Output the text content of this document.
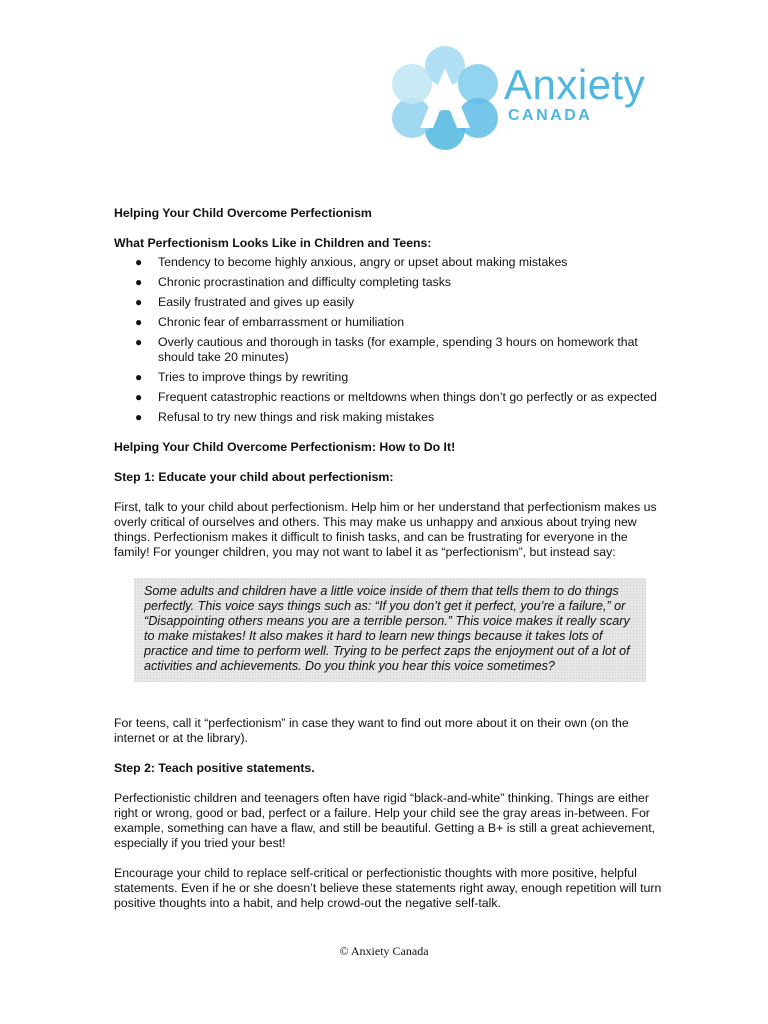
Anxiety
CANADA

Helping Your Child Overcome Perfectionism

What Perfectionism Looks Like in Children and Teens:

● Tendency to become highly anxious, angry or upset about making mistakes
● Chronic procrastination and difficulty completing tasks
● Easily frustrated and gives up easily
● Chronic fear of embarrassment or humiliation
● Overly cautious and thorough in tasks (for example, spending 3 hours on homework that should take 20 minutes)
● Tries to improve things by rewriting
● Frequent catastrophic reactions or meltdowns when things don’t go perfectly or as expected
● Refusal to try new things and risk making mistakes

Helping Your Child Overcome Perfectionism: How to Do It!

Step 1: Educate your child about perfectionism:

First, talk to your child about perfectionism. Help him or her understand that perfectionism makes us overly critical of ourselves and others. This may make us unhappy and anxious about trying new things. Perfectionism makes it difficult to finish tasks, and can be frustrating for everyone in the family! For younger children, you may not want to label it as “perfectionism”, but instead say:

Some adults and children have a little voice inside of them that tells them to do things perfectly. This voice says things such as: “If you don’t get it perfect, you’re a failure,” or “Disappointing others means you are a terrible person.” This voice makes it really scary to make mistakes! It also makes it hard to learn new things because it takes lots of practice and time to perform well. Trying to be perfect zaps the enjoyment out of a lot of activities and achievements. Do you think you hear this voice sometimes?

For teens, call it “perfectionism” in case they want to find out more about it on their own (on the internet or at the library).

Step 2: Teach positive statements.

Perfectionistic children and teenagers often have rigid “black-and-white” thinking. Things are either right or wrong, good or bad, perfect or a failure. Help your child see the gray areas in-between. For example, something can have a flaw, and still be beautiful. Getting a B+ is still a great achievement, especially if you tried your best!

Encourage your child to replace self-critical or perfectionistic thoughts with more positive, helpful statements. Even if he or she doesn’t believe these statements right away, enough repetition will turn positive thoughts into a habit, and help crowd-out the negative self-talk.

© Anxiety Canada
